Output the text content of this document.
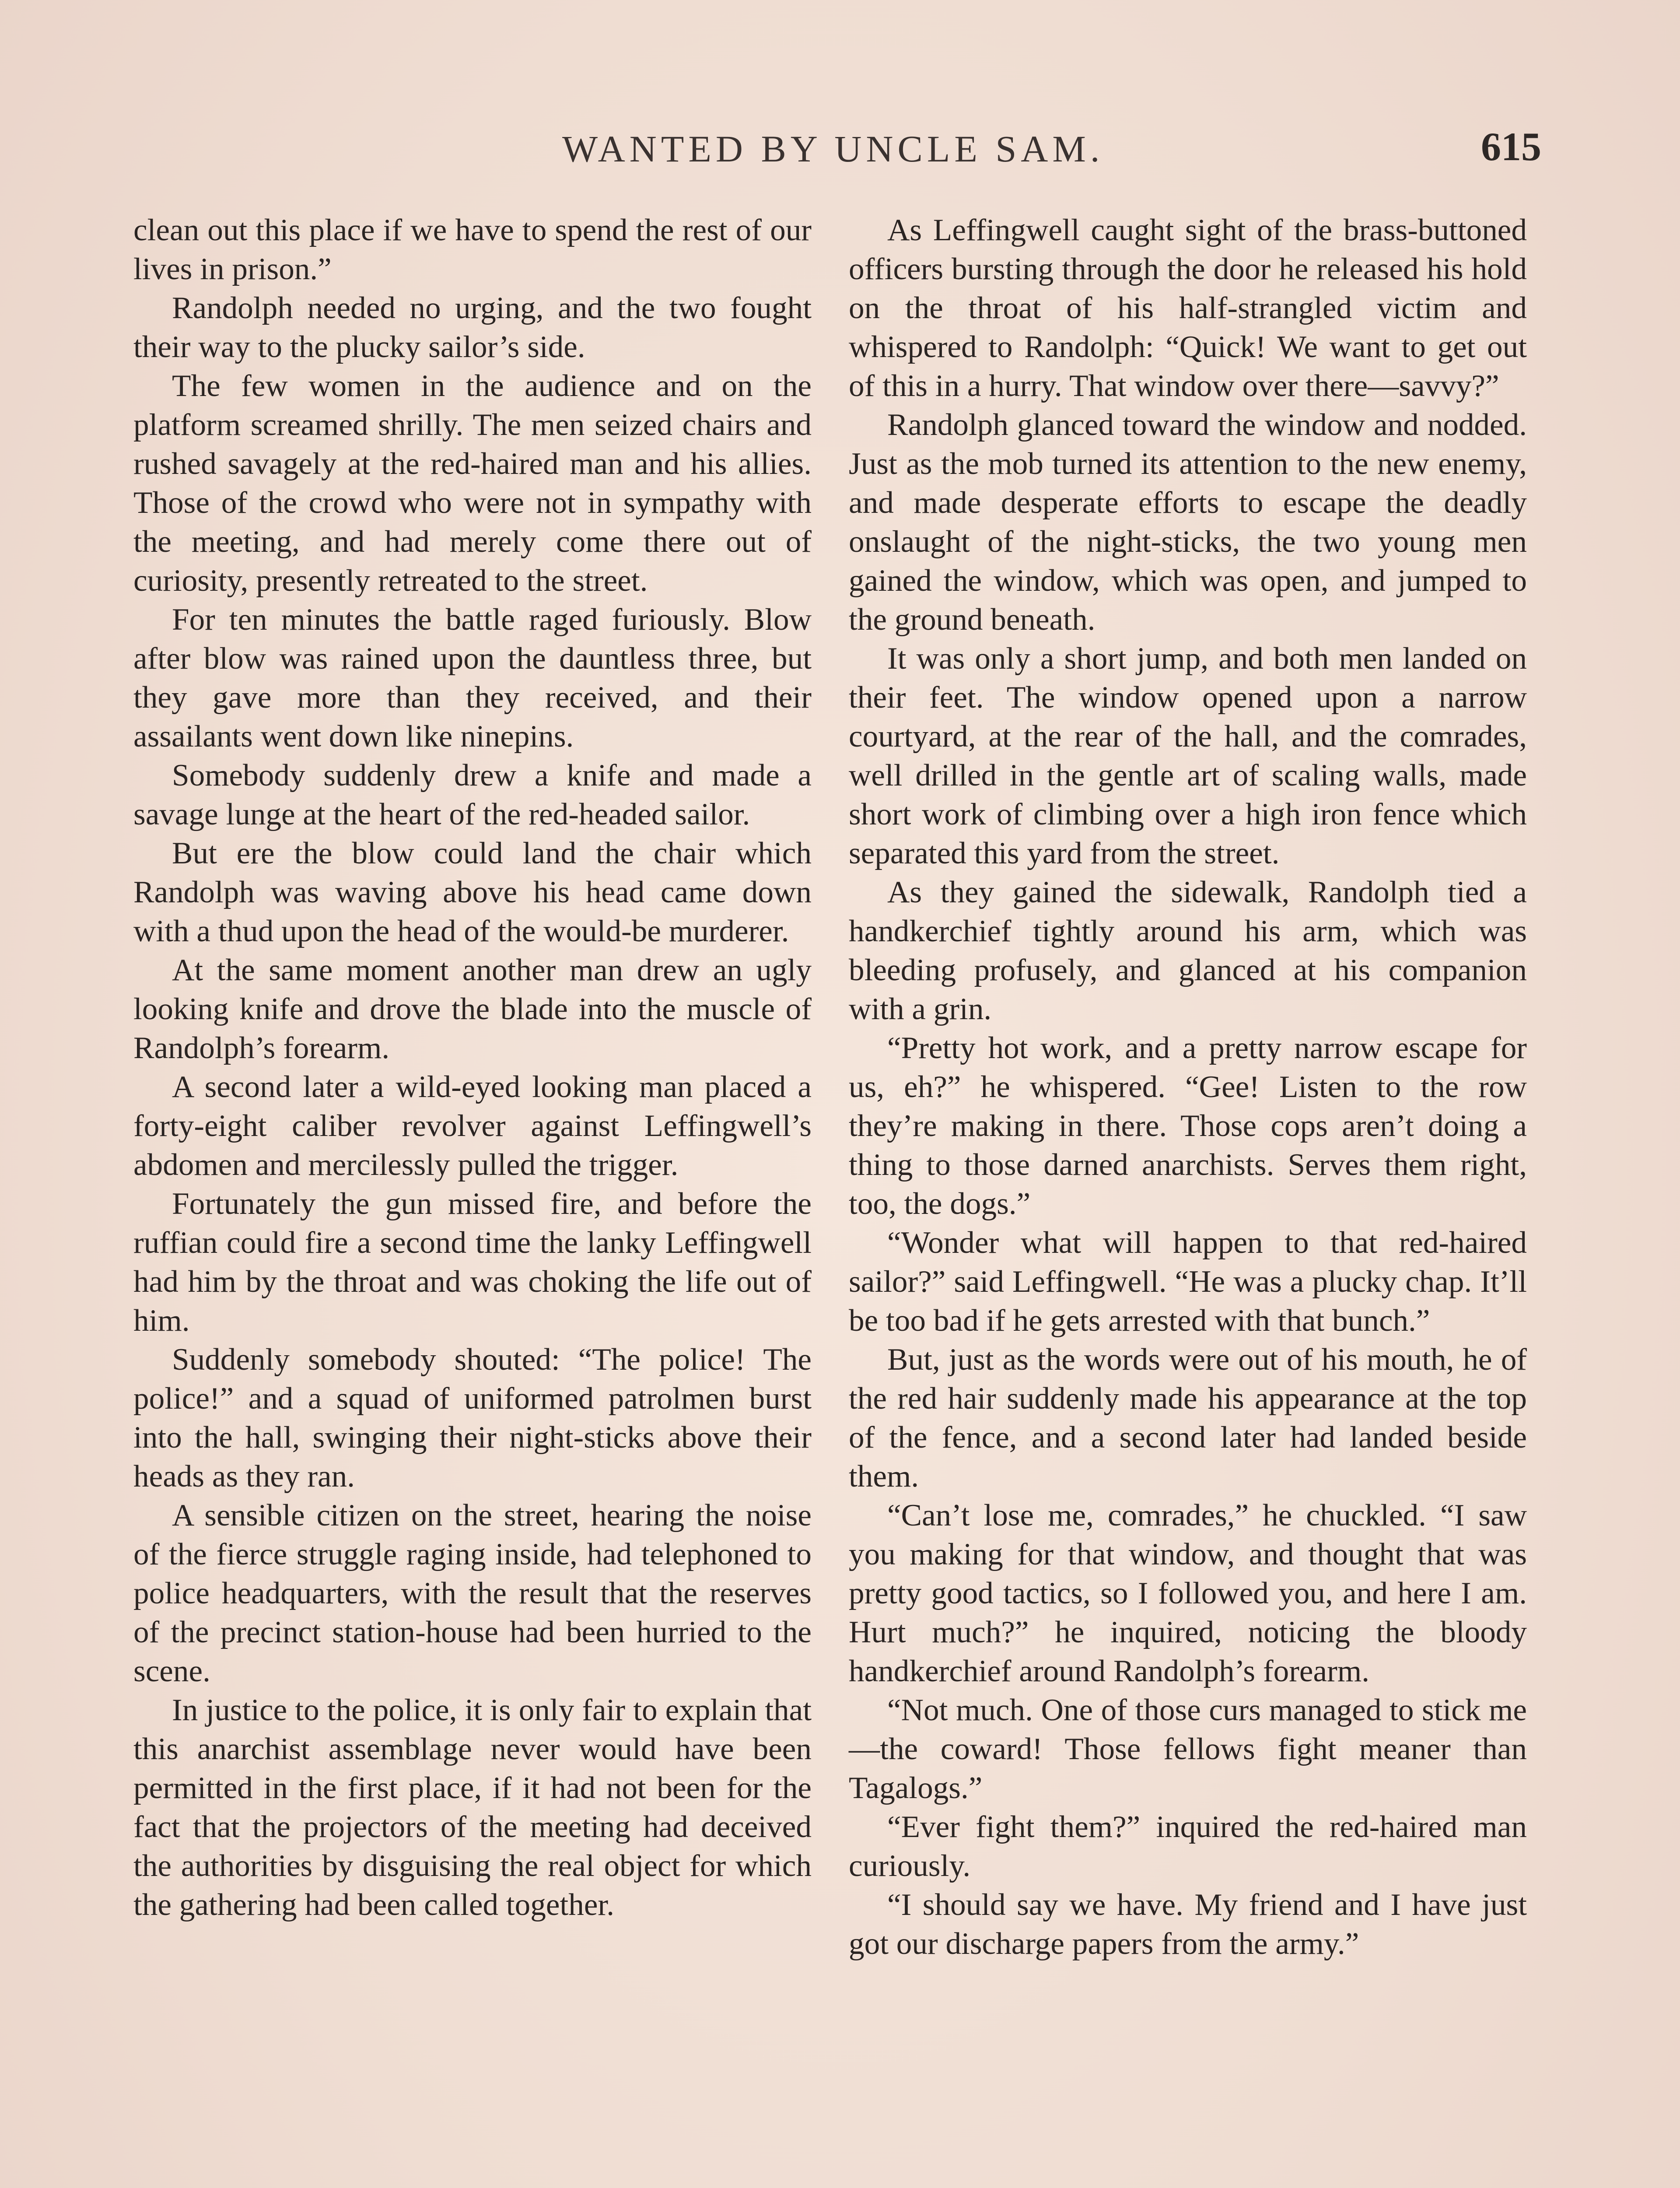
WANTED BY UNCLE SAM.	615

clean out this place if we have to spend the rest of our lives in prison.”

Randolph needed no urging, and the two fought their way to the plucky sailor’s side.

The few women in the audience and on the platform screamed shrilly. The men seized chairs and rushed savagely at the red-haired man and his allies. Those of the crowd who were not in sympathy with the meeting, and had merely come there out of curiosity, presently retreated to the street.

For ten minutes the battle raged furiously. Blow after blow was rained upon the dauntless three, but they gave more than they received, and their assailants went down like ninepins.

Somebody suddenly drew a knife and made a savage lunge at the heart of the red-headed sailor.

But ere the blow could land the chair which Randolph was waving above his head came down with a thud upon the head of the would-be murderer.

At the same moment another man drew an ugly looking knife and drove the blade into the muscle of Randolph’s forearm.

A second later a wild-eyed looking man placed a forty-eight caliber revolver against Leffingwell’s abdomen and mercilessly pulled the trigger.

Fortunately the gun missed fire, and before the ruffian could fire a second time the lanky Leffingwell had him by the throat and was choking the life out of him.

Suddenly somebody shouted: “The police! The police!” and a squad of uniformed patrolmen burst into the hall, swinging their night-sticks above their heads as they ran.

A sensible citizen on the street, hearing the noise of the fierce struggle raging inside, had telephoned to police headquarters, with the result that the reserves of the precinct station-house had been hurried to the scene.

In justice to the police, it is only fair to explain that this anarchist assemblage never would have been permitted in the first place, if it had not been for the fact that the projectors of the meeting had deceived the authorities by disguising the real object for which the gathering had been called together.

As Leffingwell caught sight of the brass-buttoned officers bursting through the door he released his hold on the throat of his half-strangled victim and whispered to Randolph: “Quick! We want to get out of this in a hurry. That window over there—savvy?”

Randolph glanced toward the window and nodded. Just as the mob turned its attention to the new enemy, and made desperate efforts to escape the deadly onslaught of the night-sticks, the two young men gained the window, which was open, and jumped to the ground beneath.

It was only a short jump, and both men landed on their feet. The window opened upon a narrow courtyard, at the rear of the hall, and the comrades, well drilled in the gentle art of scaling walls, made short work of climbing over a high iron fence which separated this yard from the street.

As they gained the sidewalk, Randolph tied a handkerchief tightly around his arm, which was bleeding profusely, and glanced at his companion with a grin.

“Pretty hot work, and a pretty narrow escape for us, eh?” he whispered. “Gee! Listen to the row they’re making in there. Those cops aren’t doing a thing to those darned anarchists. Serves them right, too, the dogs.”

“Wonder what will happen to that red-haired sailor?” said Leffingwell. “He was a plucky chap. It’ll be too bad if he gets arrested with that bunch.”

But, just as the words were out of his mouth, he of the red hair suddenly made his appearance at the top of the fence, and a second later had landed beside them.

“Can’t lose me, comrades,” he chuckled. “I saw you making for that window, and thought that was pretty good tactics, so I followed you, and here I am. Hurt much?” he inquired, noticing the bloody handkerchief around Randolph’s forearm.

“Not much. One of those curs managed to stick me—the coward! Those fellows fight meaner than Tagalogs.”

“Ever fight them?” inquired the red-haired man curiously.

“I should say we have. My friend and I have just got our discharge papers from the army.”
